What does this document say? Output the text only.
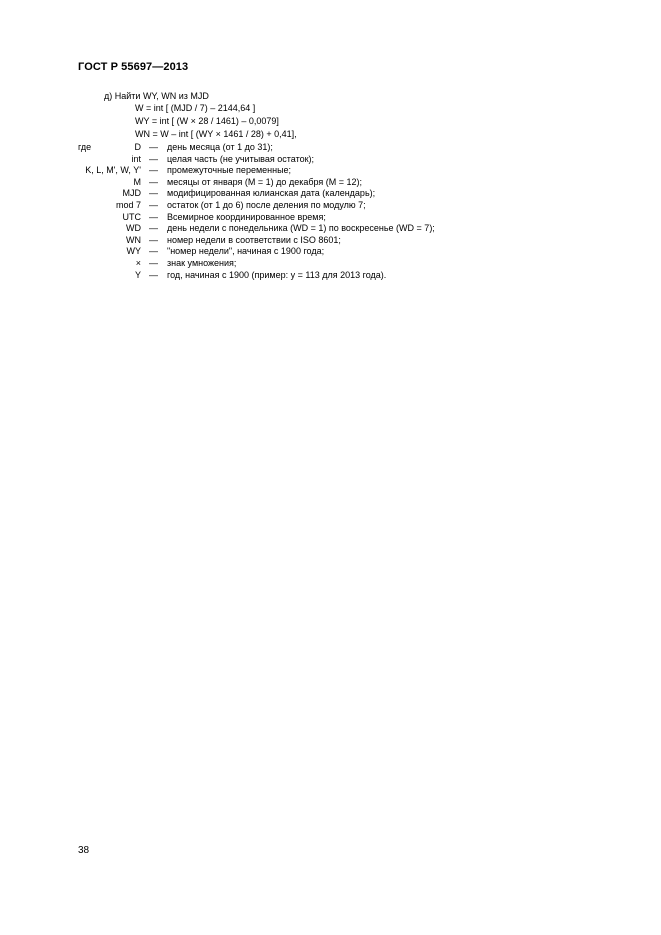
ГОСТ Р 55697—2013
д) Найти WY, WN из MJD
W = int [ (MJD / 7) – 2144,64 ]
WY = int [ (W × 28 / 1461) – 0,0079]
WN = W – int [ (WY × 1461 / 28) + 0,41],
где	D — день месяца (от 1 до 31);
int — целая часть (не учитывая остаток);
K, L, M', W, Y' — промежуточные переменные;
M — месяцы от января (M = 1) до декабря (M = 12);
MJD — модифицированная юлианская дата (календарь);
mod 7 — остаток (от 1 до 6) после деления по модулю 7;
UTC — Всемирное координированное время;
WD — день недели с понедельника (WD = 1) по воскресенье (WD = 7);
WN — номер недели в соответствии с ISO 8601;
WY — "номер недели", начиная с 1900 года;
× — знак умножения;
Y — год, начиная с 1900 (пример: y = 113 для 2013 года).
38
